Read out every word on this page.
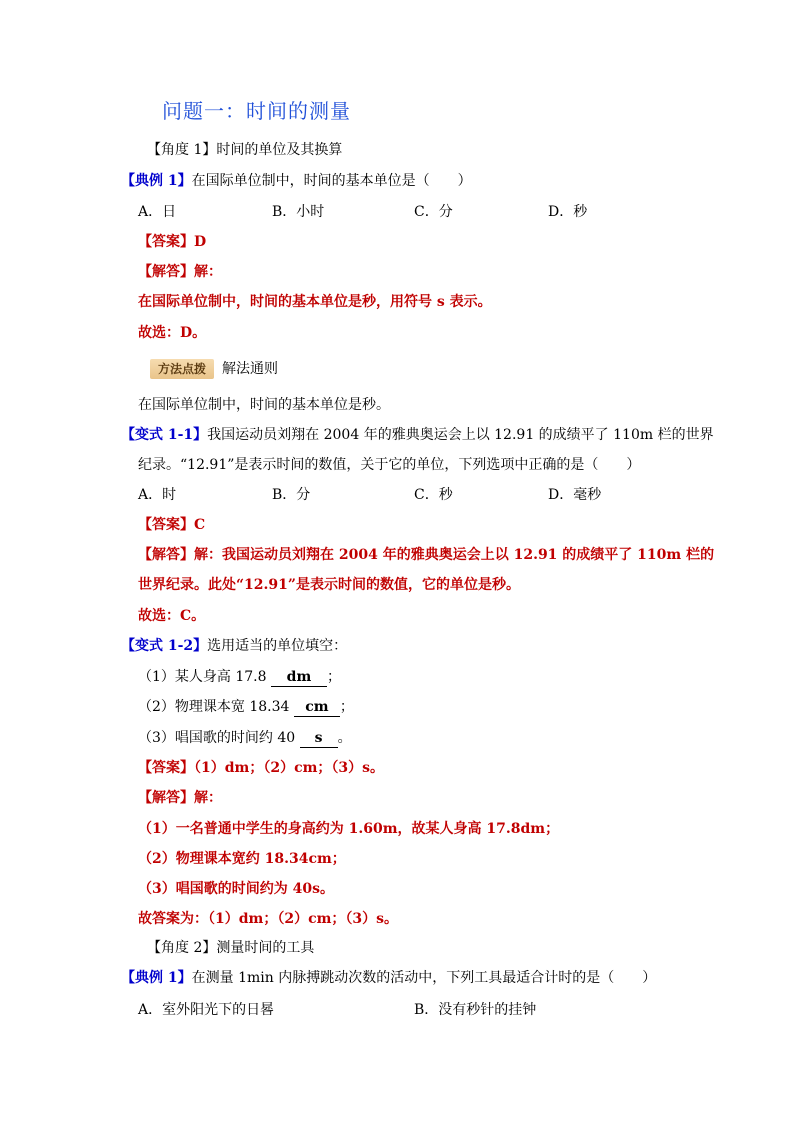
问题一：时间的测量
【角度 1】时间的单位及其换算
【典例 1】在国际单位制中，时间的基本单位是（　　）
A．日	B．小时	C．分	D．秒
【答案】D
【解答】解：
在国际单位制中，时间的基本单位是秒，用符号 s 表示。
故选：D。
方法点拨 解法通则
在国际单位制中，时间的基本单位是秒。
【变式 1-1】我国运动员刘翔在 2004 年的雅典奥运会上以 12.91 的成绩平了 110m 栏的世界
纪录。“12.91”是表示时间的数值，关于它的单位，下列选项中正确的是（　　）
A．时	B．分	C．秒	D．毫秒
【答案】C
【解答】解：我国运动员刘翔在 2004 年的雅典奥运会上以 12.91 的成绩平了 110m 栏的
世界纪录。此处“12.91”是表示时间的数值，它的单位是秒。
故选：C。
【变式 1-2】选用适当的单位填空：
（1）某人身高 17.8 dm ；
（2）物理课本宽 18.34 cm ；
（3）唱国歌的时间约 40 s 。
【答案】（1）dm；（2）cm；（3）s。
【解答】解：
（1）一名普通中学生的身高约为 1.60m，故某人身高 17.8dm；
（2）物理课本宽约 18.34cm；
（3）唱国歌的时间约为 40s。
故答案为：（1）dm；（2）cm；（3）s。
【角度 2】测量时间的工具
【典例 1】在测量 1min 内脉搏跳动次数的活动中，下列工具最适合计时的是（　　）
A．室外阳光下的日晷	B．没有秒针的挂钟
